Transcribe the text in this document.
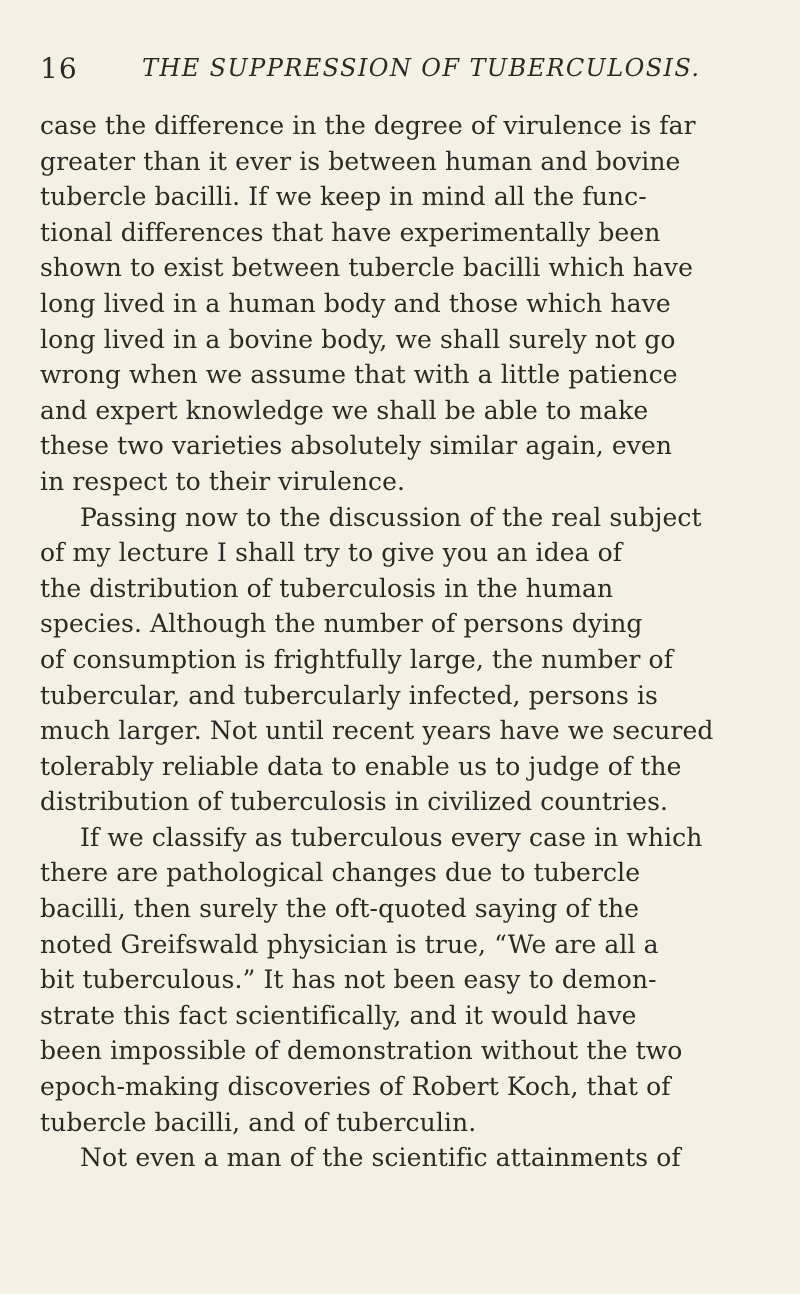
16	THE SUPPRESSION OF TUBERCULOSIS.
case the difference in the degree of virulence is far
greater than it ever is between human and bovine
tubercle bacilli. If we keep in mind all the func-
tional differences that have experimentally been
shown to exist between tubercle bacilli which have
long lived in a human body and those which have
long lived in a bovine body, we shall surely not go
wrong when we assume that with a little patience
and expert knowledge we shall be able to make
these two varieties absolutely similar again, even
in respect to their virulence.
Passing now to the discussion of the real subject
of my lecture I shall try to give you an idea of
the distribution of tuberculosis in the human
species. Although the number of persons dying
of consumption is frightfully large, the number of
tubercular, and tubercularly infected, persons is
much larger. Not until recent years have we secured
tolerably reliable data to enable us to judge of the
distribution of tuberculosis in civilized countries.
If we classify as tuberculous every case in which
there are pathological changes due to tubercle
bacilli, then surely the oft-quoted saying of the
noted Greifswald physician is true, “We are all a
bit tuberculous.” It has not been easy to demon-
strate this fact scientifically, and it would have
been impossible of demonstration without the two
epoch-making discoveries of Robert Koch, that of
tubercle bacilli, and of tuberculin.
Not even a man of the scientific attainments of
